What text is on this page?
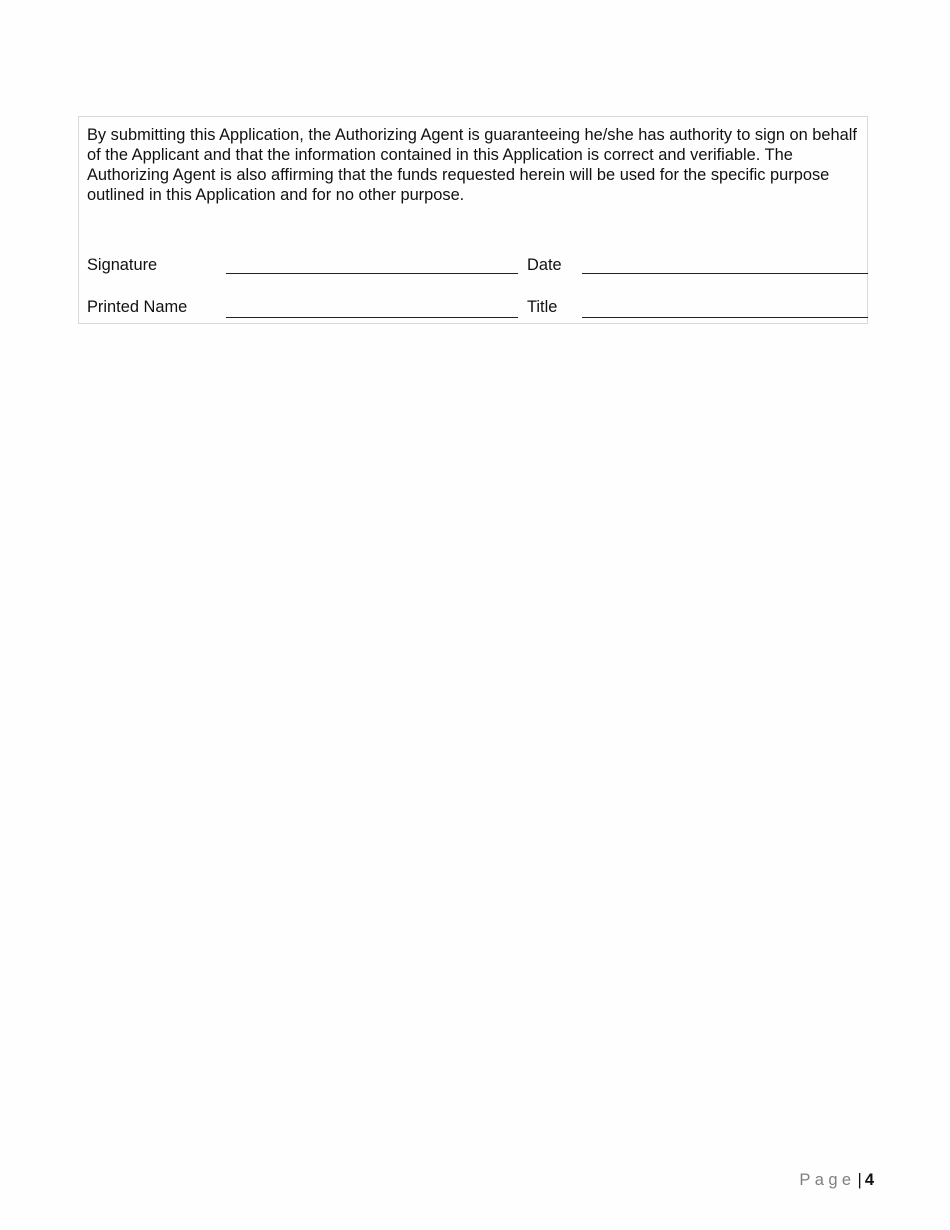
By submitting this Application, the Authorizing Agent is guaranteeing he/she has authority to sign on behalf of the Applicant and that the information contained in this Application is correct and verifiable. The Authorizing Agent is also affirming that the funds requested herein will be used for the specific purpose outlined in this Application and for no other purpose.

Signature	Date
Printed Name	Title
Page | 4
